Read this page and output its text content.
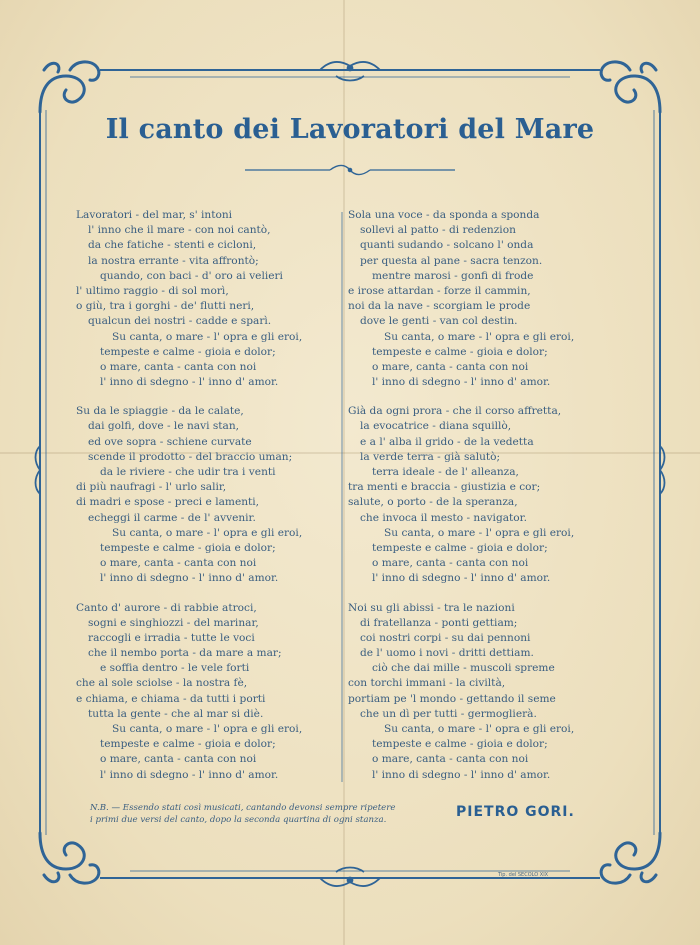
Il canto dei Lavoratori del Mare
Lavoratori - del mar, s' intoni
l' inno che il mare - con noi cantò,
da che fatiche - stenti e cicloni,
la nostra errante - vita affrontò;
quando, con baci - d' oro ai velieri
l' ultimo raggio - di sol morì,
o giù, tra i gorghi - de' flutti neri,
qualcun dei nostri - cadde e sparì.
Su canta, o mare - l' opra e gli eroi,
tempeste e calme - gioia e dolor;
o mare, canta - canta con noi
l' inno di sdegno - l' inno d' amor.
Su da le spiaggie - da le calate,
dai golfi, dove - le navi stan,
ed ove sopra - schiene curvate
scende il prodotto - del braccio uman;
da le riviere - che udir tra i venti
di più naufragi - l' urlo salir,
di madri e spose - preci e lamenti,
echeggi il carme - de l' avvenir.
Su canta, o mare - l' opra e gli eroi,
tempeste e calme - gioia e dolor;
o mare, canta - canta con noi
l' inno di sdegno - l' inno d' amor.
Canto d' aurore - di rabbie atroci,
sogni e singhiozzi - del marinar,
raccogli e irradia - tutte le voci
che il nembo porta - da mare a mar;
e soffia dentro - le vele forti
che al sole sciolse - la nostra fè,
e chiama, e chiama - da tutti i porti
tutta la gente - che al mar si diè.
Su canta, o mare - l' opra e gli eroi,
tempeste e calme - gioia e dolor;
o mare, canta - canta con noi
l' inno di sdegno - l' inno d' amor.
Sola una voce - da sponda a sponda
sollevi al patto - di redenzion
quanti sudando - solcano l' onda
per questa al pane - sacra tenzon.
mentre marosi - gonfi di frode
e irose attardan - forze il cammin,
noi da la nave - scorgiam le prode
dove le genti - van col destin.
Su canta, o mare - l' opra e gli eroi,
tempeste e calme - gioia e dolor;
o mare, canta - canta con noi
l' inno di sdegno - l' inno d' amor.
Già da ogni prora - che il corso affretta,
la evocatrice - diana squillò,
e a l' alba il grido - de la vedetta
la verde terra - già salutò;
terra ideale - de l' alleanza,
tra menti e braccia - giustizia e cor;
salute, o porto - de la speranza,
che invoca il mesto - navigator.
Su canta, o mare - l' opra e gli eroi,
tempeste e calme - gioia e dolor;
o mare, canta - canta con noi
l' inno di sdegno - l' inno d' amor.
Noi su gli abissi - tra le nazioni
di fratellanza - ponti gettiam;
coi nostri corpi - su dai pennoni
de l' uomo i novi - dritti dettiam.
ciò che dai mille - muscoli spreme
con torchi immani - la civiltà,
portiam pe 'l mondo - gettando il seme
che un dì per tutti - germoglierà.
Su canta, o mare - l' opra e gli eroi,
tempeste e calme - gioia e dolor;
o mare, canta - canta con noi
l' inno di sdegno - l' inno d' amor.
N.B. — Essendo stati così musicati, cantando devonsi sempre ripetere i primi due versi del canto, dopo la seconda quartina di ogni stanza.
PIETRO GORI.
Tip. del SECOLO XIX
